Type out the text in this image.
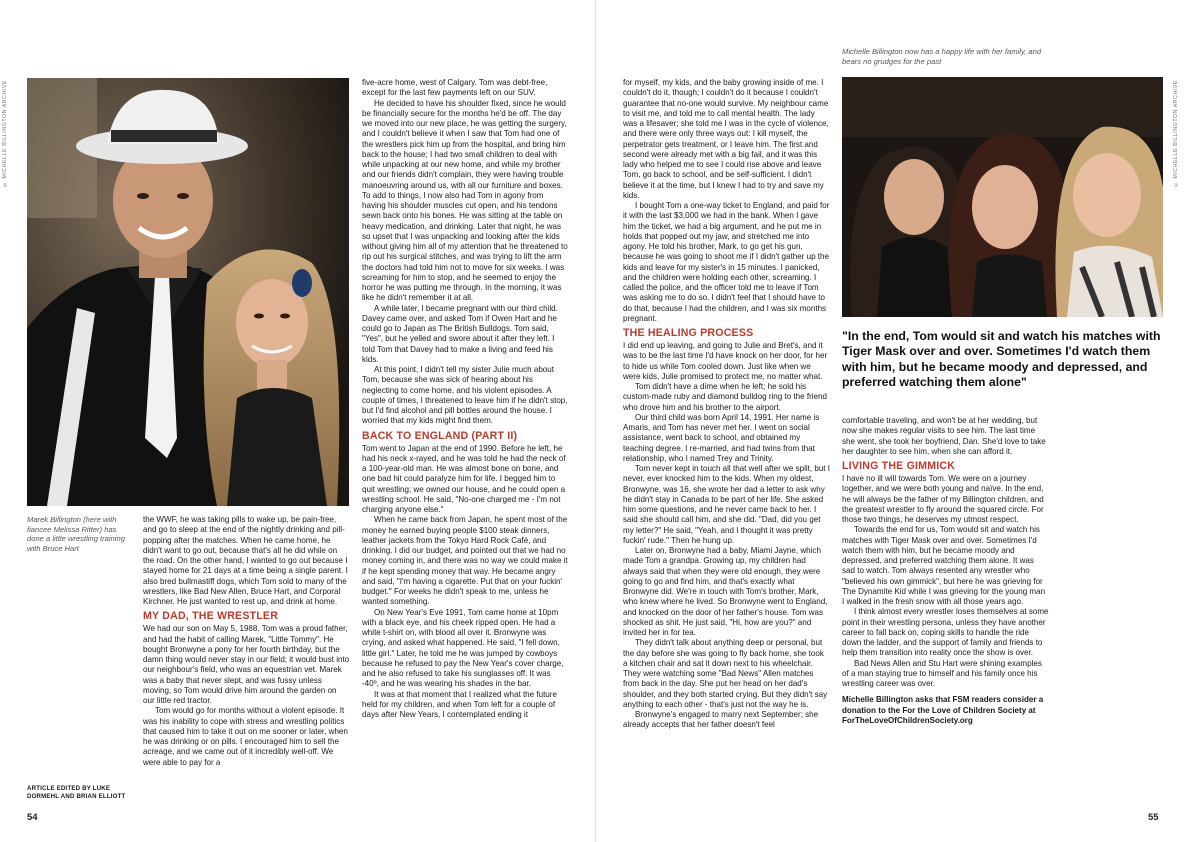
© MICHELLE BILLINGTON ARCHIVE
Marek Billington (here with fiancee Melissa Ritter) has done a little wrestling training with Bruce Hart
ARTICLE EDITED BY LUKE DORMEHL AND BRIAN ELLIOTT
54

the WWF, he was taking pills to wake up, be pain-free, and go to sleep at the end of the nightly drinking and pill-popping after the matches. When he came home, he didn't want to go out, because that's all he did while on the road. On the other hand, I wanted to go out because I stayed home for 21 days at a time being a single parent. I also bred bullmastiff dogs, which Tom sold to many of the wrestlers, like Bad New Allen, Bruce Hart, and Corporal Kirchner. He just wanted to rest up, and drink at home.

MY DAD, THE WRESTLER

We had our son on May 5, 1988. Tom was a proud father, and had the habit of calling Marek, "Little Tommy". He bought Bronwyne a pony for her fourth birthday, but the damn thing would never stay in our field; it would bust into our neighbour's field, who was an equestrian vet. Marek was a baby that never slept, and was fussy unless moving, so Tom would drive him around the garden on our little red tractor.

Tom would go for months without a violent episode. It was his inability to cope with stress and wrestling politics that caused him to take it out on me sooner or later, when he was drinking or on pills. I encouraged him to sell the acreage, and we came out of it incredibly well-off. We were able to pay for a

five-acre home, west of Calgary. Tom was debt-free, except for the last few payments left on our SUV.

He decided to have his shoulder fixed, since he would be financially secure for the months he'd be off. The day we moved into our new place, he was getting the surgery, and I couldn't believe it when I saw that Tom had one of the wrestlers pick him up from the hospital, and bring him back to the house; I had two small children to deal with while unpacking at our new home, and while my brother and our friends didn't complain, they were having trouble manoeuvring around us, with all our furniture and boxes. To add to things, I now also had Tom in agony from having his shoulder muscles cut open, and his tendons sewn back onto his bones. He was sitting at the table on heavy medication, and drinking. Later that night, he was so upset that I was unpacking and looking after the kids without giving him all of my attention that he threatened to rip out his surgical stitches, and was trying to lift the arm the doctors had told him not to move for six weeks. I was screaming for him to stop, and he seemed to enjoy the horror he was putting me through. In the morning, it was like he didn't remember it at all.

A while later, I became pregnant with our third child. Davey came over, and asked Tom if Owen Hart and he could go to Japan as The British Bulldogs. Tom said, "Yes", but he yelled and swore about it after they left. I told Tom that Davey had to make a living and feed his kids.

At this point, I didn't tell my sister Julie much about Tom, because she was sick of hearing about his neglecting to come home, and his violent episodes. A couple of times, I threatened to leave him if he didn't stop, but I'd find alcohol and pill bottles around the house. I worried that my kids might find them.

BACK TO ENGLAND (PART II)

Tom went to Japan at the end of 1990. Before he left, he had his neck x-rayed, and he was told he had the neck of a 100-year-old man. He was almost bone on bone, and one bad hit could paralyze him for life. I begged him to quit wrestling; we owned our house, and he could open a wrestling school. He said, "No-one charged me - I'm not charging anyone else."

When he came back from Japan, he spent most of the money he earned buying people $100 steak dinners, leather jackets from the Tokyo Hard Rock Café, and drinking. I did our budget, and pointed out that we had no money coming in, and there was no way we could make it if he kept spending money that way. He became angry and said, "I'm having a cigarette. Put that on your fuckin' budget." For weeks he didn't speak to me, unless he wanted something.

On New Year's Eve 1991, Tom came home at 10pm with a black eye, and his cheek ripped open. He had a white t-shirt on, with blood all over it. Bronwyne was crying, and asked what happened. He said, "I fell down, little girl." Later, he told me he was jumped by cowboys because he refused to pay the New Year's cover charge, and he also refused to take his sunglasses off. It was -40º, and he was wearing his shades in the bar.

It was at that moment that I realized what the future held for my children, and when Tom left for a couple of days after New Years, I contemplated ending it

for myself, my kids, and the baby growing inside of me. I couldn't do it, though; I couldn't do it because I couldn't guarantee that no-one would survive. My neighbour came to visit me, and told me to call mental health. The lady was a lifesaver; she told me I was in the cycle of violence, and there were only three ways out: I kill myself, the perpetrator gets treatment, or I leave him. The first and second were already met with a big fail, and it was this lady who helped me to see I could rise above and leave Tom, go back to school, and be self-sufficient. I didn't believe it at the time, but I knew I had to try and save my kids.

I bought Tom a one-way ticket to England, and paid for it with the last $3,000 we had in the bank. When I gave him the ticket, we had a big argument, and he put me in holds that popped out my jaw, and stretched me into agony. He told his brother, Mark, to go get his gun, because he was going to shoot me if I didn't gather up the kids and leave for my sister's in 15 minutes. I panicked, and the children were holding each other, screaming. I called the police, and the officer told me to leave if Tom was asking me to do so. I didn't feel that I should have to do that, because I had the children, and I was six months pregnant.

THE HEALING PROCESS

I did end up leaving, and going to Julie and Bret's, and it was to be the last time I'd have knock on her door, for her to hide us while Tom cooled down. Just like when we were kids, Julie promised to protect me, no matter what.

Tom didn't have a dime when he left; he sold his custom-made ruby and diamond bulldog ring to the friend who drove him and his brother to the airport.

Our third child was born April 14, 1991. Her name is Amaris, and Tom has never met her. I went on social assistance, went back to school, and obtained my teaching degree. I re-married, and had twins from that relationship, who I named Trey and Trinity.

Tom never kept in touch all that well after we split, but I never, ever knocked him to the kids. When my oldest, Bronwyne, was 16, she wrote her dad a letter to ask why he didn't stay in Canada to be part of her life. She asked him some questions, and he never came back to her. I said she should call him, and she did. "Dad, did you get my letter?" He said, "Yeah, and I thought it was pretty fuckin' rude." Then he hung up.

Later on, Bronwyne had a baby, Miami Jayne, which made Tom a grandpa. Growing up, my children had always said that when they were old enough, they were going to go and find him, and that's exactly what Bronwyne did. We're in touch with Tom's brother, Mark, who knew where he lived. So Bronwyne went to England, and knocked on the door of her father's house. Tom was shocked as shit. He just said, "Hi, how are you?" and invited her in for tea.

They didn't talk about anything deep or personal, but the day before she was going to fly back home, she took a kitchen chair and sat it down next to his wheelchair. They were watching some "Bad News" Allen matches from back in the day. She put her head on her dad's shoulder, and they both started crying. But they didn't say anything to each other - that's just not the way he is.

Bronwyne's engaged to marry next September; she already accepts that her father doesn't feel

Michelle Billington now has a happy life with her family, and bears no grudges for the past
© MICHELLE BILLINGTON ARCHIVE
"In the end, Tom would sit and watch his matches with Tiger Mask over and over. Sometimes I'd watch them with him, but he became moody and depressed, and preferred watching them alone"

comfortable traveling, and won't be at her wedding, but now she makes regular visits to see him. The last time she went, she took her boyfriend, Dan. She'd love to take her daughter to see him, when she can afford it.

LIVING THE GIMMICK

I have no ill will towards Tom. We were on a journey together, and we were both young and naïve. In the end, he will always be the father of my Billington children, and the greatest wrestler to fly around the squared circle. For those two things, he deserves my utmost respect.

Towards the end for us, Tom would sit and watch his matches with Tiger Mask over and over. Sometimes I'd watch them with him, but he became moody and depressed, and preferred watching them alone. It was sad to watch. Tom always resented any wrestler who "believed his own gimmick", but here he was grieving for The Dynamite Kid while I was grieving for the young man I walked in the fresh snow with all those years ago.

I think almost every wrestler loses themselves at some point in their wrestling persona, unless they have another career to fall back on, coping skills to handle the ride down the ladder, and the support of family and friends to help them transition into reality once the show is over.

Bad News Allen and Stu Hart were shining examples of a man staying true to himself and his family once his wrestling career was over.

Michelle Billington asks that FSM readers consider a donation to the For the Love of Children Society at ForTheLoveOfChildrenSociety.org

55
